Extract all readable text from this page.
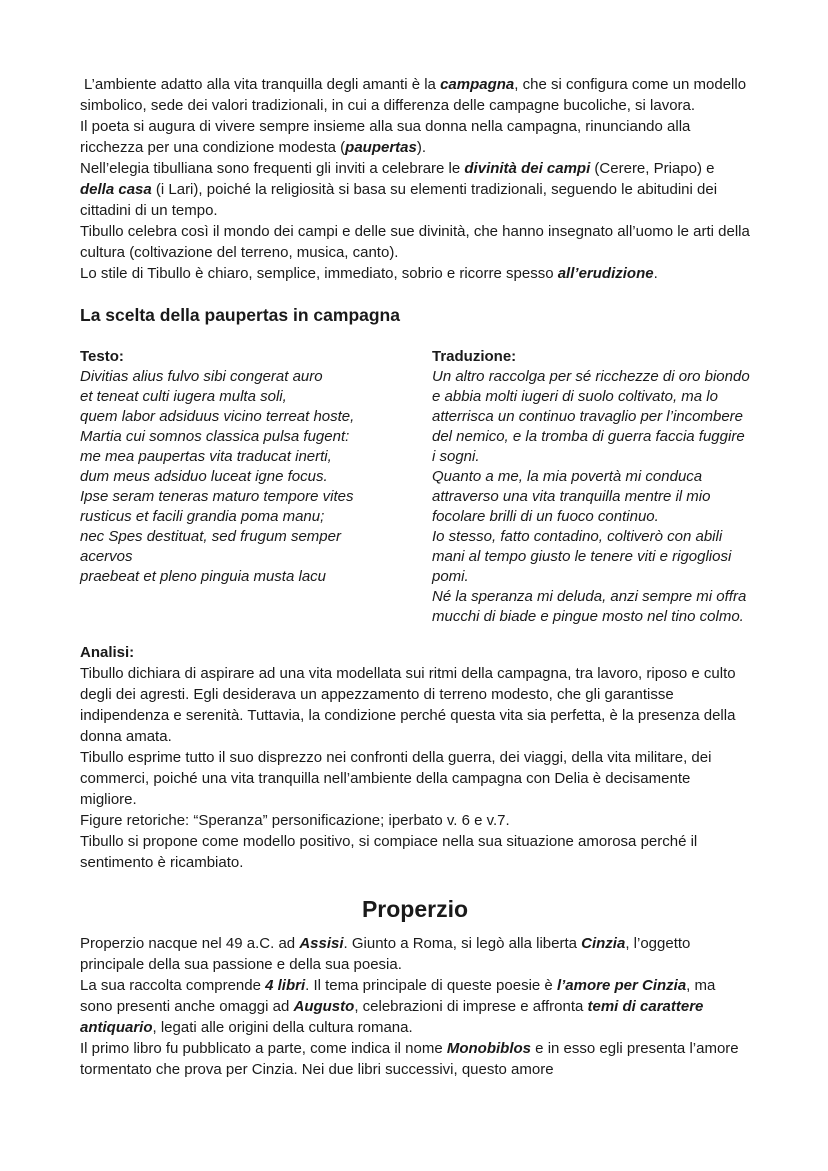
L’ambiente adatto alla vita tranquilla degli amanti è la campagna, che si configura come un modello simbolico, sede dei valori tradizionali, in cui a differenza delle campagne bucoliche, si lavora.

Il poeta si augura di vivere sempre insieme alla sua donna nella campagna, rinunciando alla ricchezza per una condizione modesta (paupertas).

Nell’elegia tibulliana sono frequenti gli inviti a celebrare le divinità dei campi (Cerere, Priapo) e della casa (i Lari), poiché la religiosità si basa su elementi tradizionali, seguendo le abitudini dei cittadini di un tempo.

Tibullo celebra così il mondo dei campi e delle sue divinità, che hanno insegnato all’uomo le arti della cultura (coltivazione del terreno, musica, canto).

Lo stile di Tibullo è chiaro, semplice, immediato, sobrio e ricorre spesso all’erudizione.

La scelta della paupertas in campagna
Testo:
Divitias alius fulvo sibi congerat auro
et teneat culti iugera multa soli,
quem labor adsiduus vicino terreat hoste,
Martia cui somnos classica pulsa fugent:
me mea paupertas vita traducat inerti,
dum meus adsiduo luceat igne focus.
Ipse seram teneras maturo tempore vites
rusticus et facili grandia poma manu;
nec Spes destituat, sed frugum semper
acervos
praebeat et pleno pinguia musta lacu
Traduzione:
Un altro raccolga per sé ricchezze di oro biondo e abbia molti iugeri di suolo coltivato, ma lo atterrisca un continuo travaglio per l’incombere del nemico, e la tromba di guerra faccia fuggire i sogni.
Quanto a me, la mia povertà mi conduca attraverso una vita tranquilla mentre il mio focolare brilli di un fuoco continuo.
Io stesso, fatto contadino, coltiverò con abili mani al tempo giusto le tenere viti e rigogliosi pomi.
Né la speranza mi deluda, anzi sempre mi offra mucchi di biade e pingue mosto nel tino colmo.
Analisi:
Tibullo dichiara di aspirare ad una vita modellata sui ritmi della campagna, tra lavoro, riposo e culto degli dei agresti. Egli desiderava un appezzamento di terreno modesto, che gli garantisse indipendenza e serenità. Tuttavia, la condizione perché questa vita sia perfetta, è la presenza della donna amata.
Tibullo esprime tutto il suo disprezzo nei confronti della guerra, dei viaggi, della vita militare, dei commerci, poiché una vita tranquilla nell’ambiente della campagna con Delia è decisamente migliore.
Figure retoriche: “Speranza” personificazione; iperbato v. 6 e v.7.
Tibullo si propone come modello positivo, si compiace nella sua situazione amorosa perché il sentimento è ricambiato.
Properzio

Properzio nacque nel 49 a.C. ad Assisi. Giunto a Roma, si legò alla liberta Cinzia, l’oggetto principale della sua passione e della sua poesia.

La sua raccolta comprende 4 libri. Il tema principale di queste poesie è l’amore per Cinzia, ma sono presenti anche omaggi ad Augusto, celebrazioni di imprese e affronta temi di carattere antiquario, legati alle origini della cultura romana.

Il primo libro fu pubblicato a parte, come indica il nome Monobiblos e in esso egli presenta l’amore tormentato che prova per Cinzia. Nei due libri successivi, questo amore
